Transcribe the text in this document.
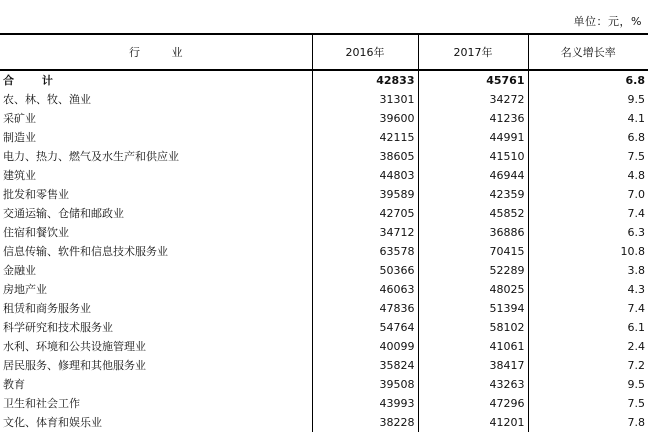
单位：元，%
行 业	2016年	2017年	名义增长率
合 计	42833	45761	6.8
农、林、牧、渔业	31301	34272	9.5
采矿业	39600	41236	4.1
制造业	42115	44991	6.8
电力、热力、燃气及水生产和供应业	38605	41510	7.5
建筑业	44803	46944	4.8
批发和零售业	39589	42359	7.0
交通运输、仓储和邮政业	42705	45852	7.4
住宿和餐饮业	34712	36886	6.3
信息传输、软件和信息技术服务业	63578	70415	10.8
金融业	50366	52289	3.8
房地产业	46063	48025	4.3
租赁和商务服务业	47836	51394	7.4
科学研究和技术服务业	54764	58102	6.1
水利、环境和公共设施管理业	40099	41061	2.4
居民服务、修理和其他服务业	35824	38417	7.2
教育	39508	43263	9.5
卫生和社会工作	43993	47296	7.5
文化、体育和娱乐业	38228	41201	7.8
